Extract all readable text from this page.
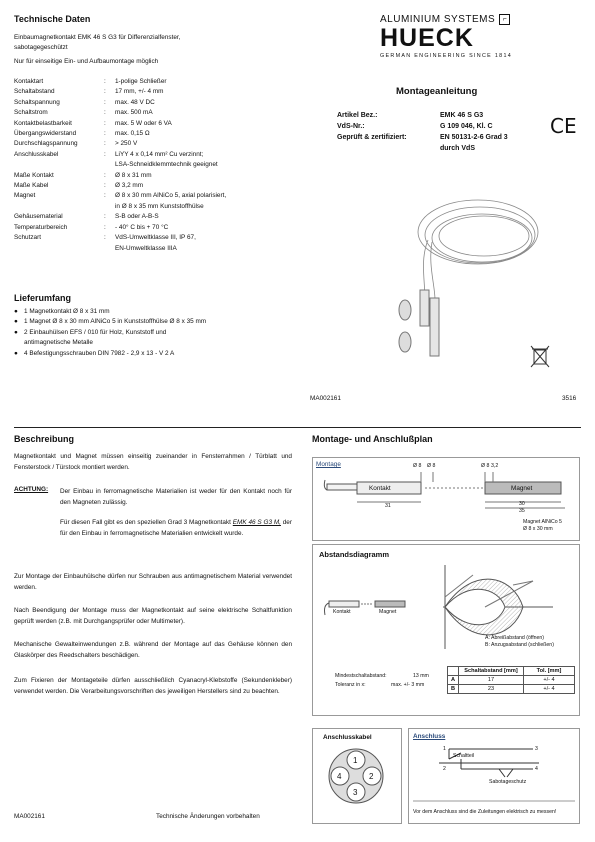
Technische Daten
Einbaumagnetkontakt EMK 46 S G3 für Differenzialfenster,
sabotagegeschützt
Nur für einseitige Ein- und Aufbaumontage möglich
Kontaktart	:	1-polige Schließer
Schaltabstand	:	17 mm, +/- 4 mm
Schaltspannung	:	max. 48 V DC
Schaltstrom	:	max. 500 mA
Kontaktbelastbarkeit	:	max. 5 W oder 6 VA
Übergangswiderstand	:	max. 0,15 Ω
Durchschlagspannung	:	> 250 V
Anschlusskabel	:	LiYY 4 x 0,14 mm² Cu verzinnt;
LSA-Schneidklemmtechnik geeignet
Maße Kontakt	:	Ø 8 x 31 mm
Maße Kabel	:	Ø 3,2 mm
Magnet	:	Ø 8 x 30 mm AlNiCo 5, axial polarisiert,
in Ø 8 x 35 mm Kunststoffhülse
Gehäusematerial	:	S-B oder A-B-S
Temperaturbereich	:	- 40° C bis + 70 °C
Schutzart	:	VdS-Umweltklasse III, IP 67,
EN-Umweltklasse IIIA
Lieferumfang
● 1 Magnetkontakt Ø 8 x 31 mm
● 1 Magnet Ø 8 x 30 mm AlNiCo 5 in Kunststoffhülse Ø 8 x 35 mm
● 2 Einbauhülsen EFS / 010 für Holz, Kunststoff und
antimagnetische Metalle
● 4 Befestigungsschrauben DIN 7982 - 2,9 x 13 - V 2 A
ALUMINIUM SYSTEMS	⌐
HUECK
GERMAN ENGINEERING SINCE 1814
Montageanleitung
Artikel Bez.:	EMK 46 S G3
VdS-Nr.:	G 109 046, Kl. C
Geprüft & zertifiziert:	EN 50131-2-6 Grad 3
durch VdS
CE
MA002161	3516
Beschreibung
Magnetkontakt und Magnet müssen einseitig zueinander in Fensterrahmen / Türblatt und Fensterstock / Türstock montiert werden.
ACHTUNG:	Der Einbau in ferromagnetische Materialien ist weder für den Kontakt noch für den Magneten zulässig.
Für diesen Fall gibt es den speziellen Grad 3 Magnetkontakt EMK 46 S G3 M, der für den Einbau in ferromagnetische Materialien entwickelt wurde.
Zur Montage der Einbauhülsche dürfen nur Schrauben aus antimagnetischem Material verwendet werden.
Nach Beendigung der Montage muss der Magnetkontakt auf seine elektrische Schaltfunktion geprüft werden (z.B. mit Durchgangsprüfer oder Multimeter).
Mechanische Gewalteinwendungen z.B. während der Montage auf das Gehäuse können den Glaskörper des Reedschalters beschädigen.
Zum Fixieren der Montageteile dürfen ausschließlich Cyanacryl-Klebstoffe (Sekundenkleber) verwendet werden. Die Verarbeitungsvorschriften des jeweiligen Herstellers sind zu beachten.
MA002161	Technische Änderungen vorbehalten
Montage- und Anschlußplan
Montage
Kontakt	Magnet
31	30
35
Ø 8 Ø 8	Ø 8 3,2
Magnet AlNiCo 5
Ø 8 x 30 mm
Abstandsdiagramm
Kontakt	Magnet
A: Abreißabstand (öffnen)
B: Anzugsabstand (schließen)
Mindestschaltabstand:	13 mm
Toleranz in x:	max. +/- 3 mm
	Schaltabstand [mm]	Tol. [mm]
A	17	+/- 4
B	23	+/- 4
Anschlusskabel
1
2
3
4
Anschluss
1	3
2	4
Schaltteil
Sabotageschutz
Vor dem Anschluss sind die Zuleitungen elektrisch zu messen!
